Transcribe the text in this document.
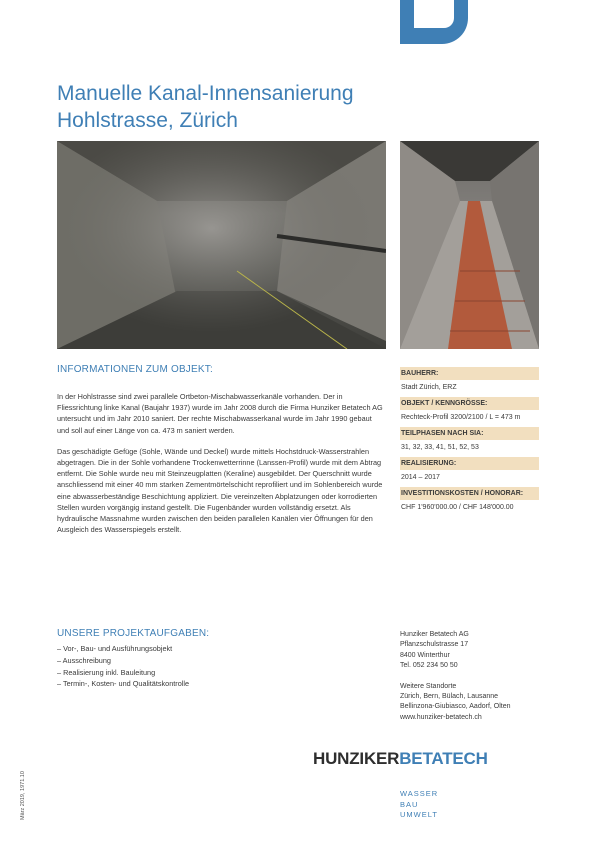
Manuelle Kanal-Innensanierung
Hohlstrasse, Zürich
INFORMATIONEN ZUM OBJEKT:

In der Hohlstrasse sind zwei parallele Ortbeton-Mischabwasserkanäle vorhanden. Der in Fliessrichtung linke Kanal (Baujahr 1937) wurde im Jahr 2008 durch die Firma Hunziker Betatech AG untersucht und im Jahr 2010 saniert. Der rechte Mischabwasserkanal wurde im Jahr 1990 gebaut und soll auf einer Länge von ca. 473 m saniert werden.

Das geschädigte Gefüge (Sohle, Wände und Deckel) wurde mittels Hochstdruck-Wasserstrahlen abgetragen. Die in der Sohle vorhandene Trockenwetterrinne (Lanssen-Profil) wurde mit dem Abtrag entfernt. Die Sohle wurde neu mit Steinzeugplatten (Keraline) ausgebildet. Der Querschnitt wurde anschliessend mit einer 40 mm starken Zementmörtelschicht reprofiliert und im Sohlenbereich wurde eine abwasserbeständige Beschichtung appliziert. Die vereinzelten Abplatzungen oder korrodierten Stellen wurden vorgängig instand gestellt. Die Fugenbänder wurden vollständig ersetzt. Als hydraulische Massnahme wurden zwischen den beiden parallelen Kanälen vier Öffnungen für den Ausgleich des Wasserspiegels erstellt.

BAUHERR:
Stadt Zürich, ERZ
OBJEKT / KENNGRÖSSE:
Rechteck-Profil 3200/2100 / L = 473 m
TEILPHASEN NACH SIA:
31, 32, 33, 41, 51, 52, 53
REALISIERUNG:
2014 – 2017
INVESTITIONSKOSTEN / HONORAR:
CHF 1'960'000.00 / CHF 148'000.00
UNSERE PROJEKTAUFGABEN:
– Vor-, Bau- und Ausführungsobjekt
– Ausschreibung
– Realisierung inkl. Bauleitung
– Termin-, Kosten- und Qualitätskontrolle
Hunziker Betatech AG
Pflanzschulstrasse 17
8400 Winterthur
Tel. 052 234 50 50
Weitere Standorte
Zürich, Bern, Bülach, Lausanne
Bellinzona-Giubiasco, Aadorf, Olten
www.hunziker-betatech.ch
HUNZIKERBETATECH
WASSER
BAU
UMWELT
März 2019, 1971.10
